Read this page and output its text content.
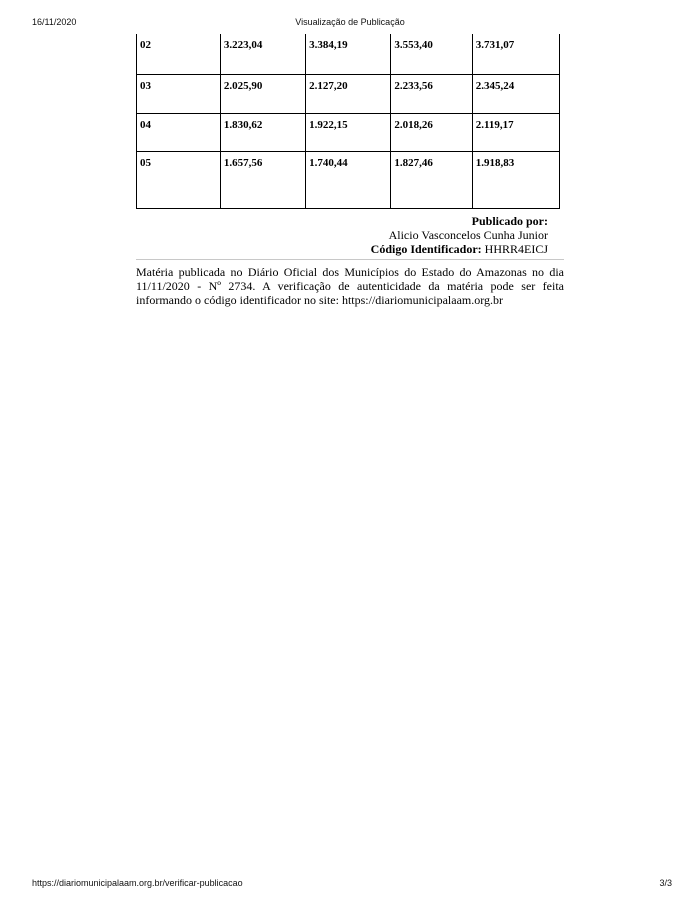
16/11/2020	Visualização de Publicação
02	3.223,04	3.384,19	3.553,40	3.731,07
03	2.025,90	2.127,20	2.233,56	2.345,24
04	1.830,62	1.922,15	2.018,26	2.119,17
05	1.657,56	1.740,44	1.827,46	1.918,83
Publicado por:
Alicio Vasconcelos Cunha Junior
Código Identificador: HHRR4EICJ
Matéria publicada no Diário Oficial dos Municípios do Estado do Amazonas no dia 11/11/2020 - Nº 2734. A verificação de autenticidade da matéria pode ser feita informando o código identificador no site: https://diariomunicipalaam.org.br
https://diariomunicipalaam.org.br/verificar-publicacao	3/3
